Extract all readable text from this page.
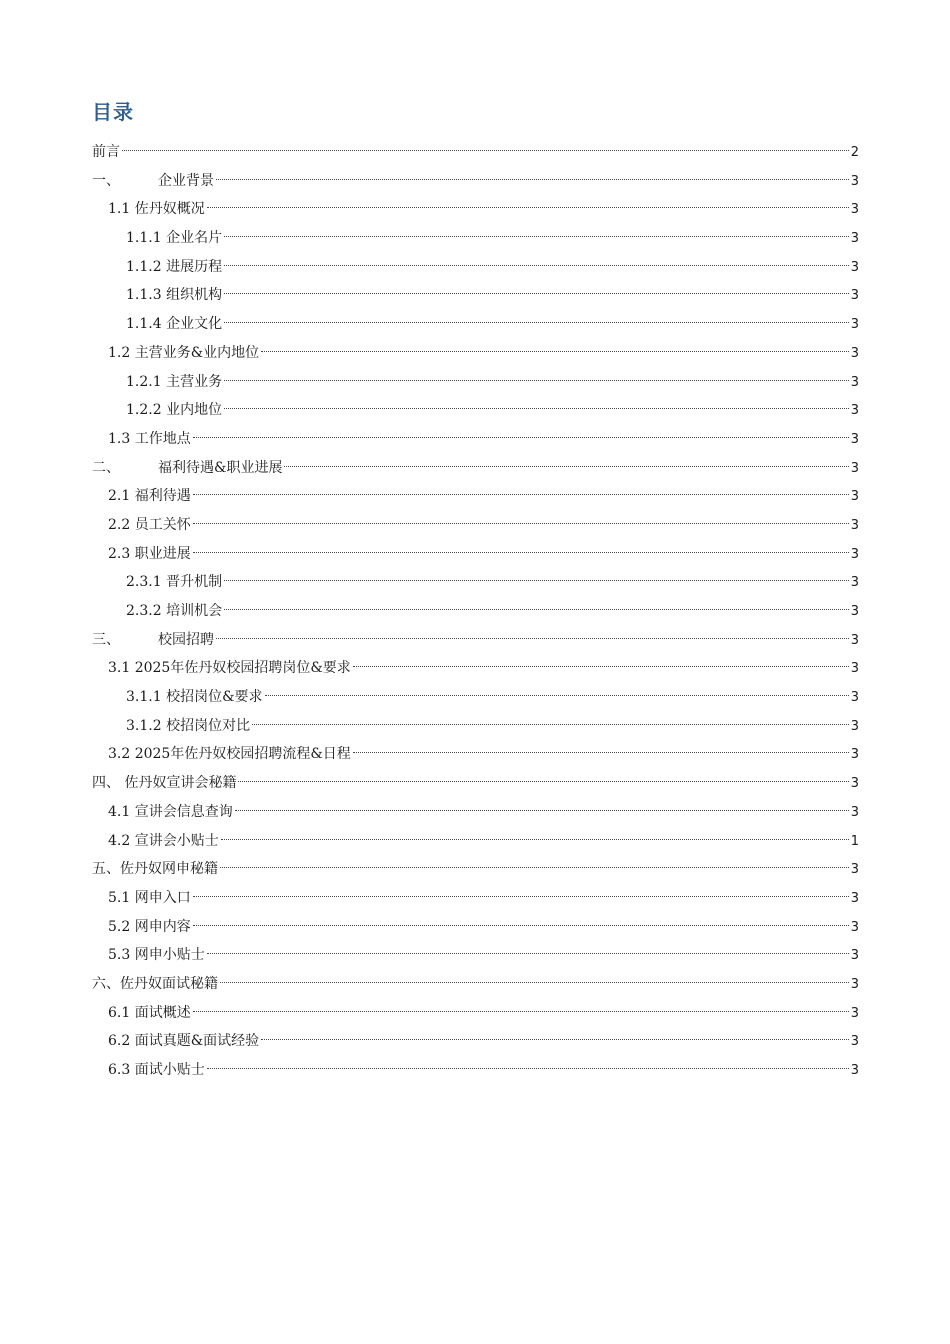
目录
前言	2
一、	企业背景	3
1.1 佐丹奴概况	3
1.1.1 企业名片	3
1.1.2 进展历程	3
1.1.3 组织机构	3
1.1.4 企业文化	3
1.2 主营业务&业内地位	3
1.2.1 主营业务	3
1.2.2 业内地位	3
1.3 工作地点	3
二、	福利待遇&职业进展	3
2.1 福利待遇	3
2.2 员工关怀	3
2.3 职业进展	3
2.3.1 晋升机制	3
2.3.2 培训机会	3
三、	校园招聘	3
3.1 2025年佐丹奴校园招聘岗位&要求	3
3.1.1 校招岗位&要求	3
3.1.2 校招岗位对比	3
3.2 2025年佐丹奴校园招聘流程&日程	3
四、 佐丹奴宣讲会秘籍	3
4.1 宣讲会信息查询	3
4.2 宣讲会小贴士	1
五、佐丹奴网申秘籍	3
5.1 网申入口	3
5.2 网申内容	3
5.3 网申小贴士	3
六、佐丹奴面试秘籍	3
6.1 面试概述	3
6.2 面试真题&面试经验	3
6.3 面试小贴士	3
